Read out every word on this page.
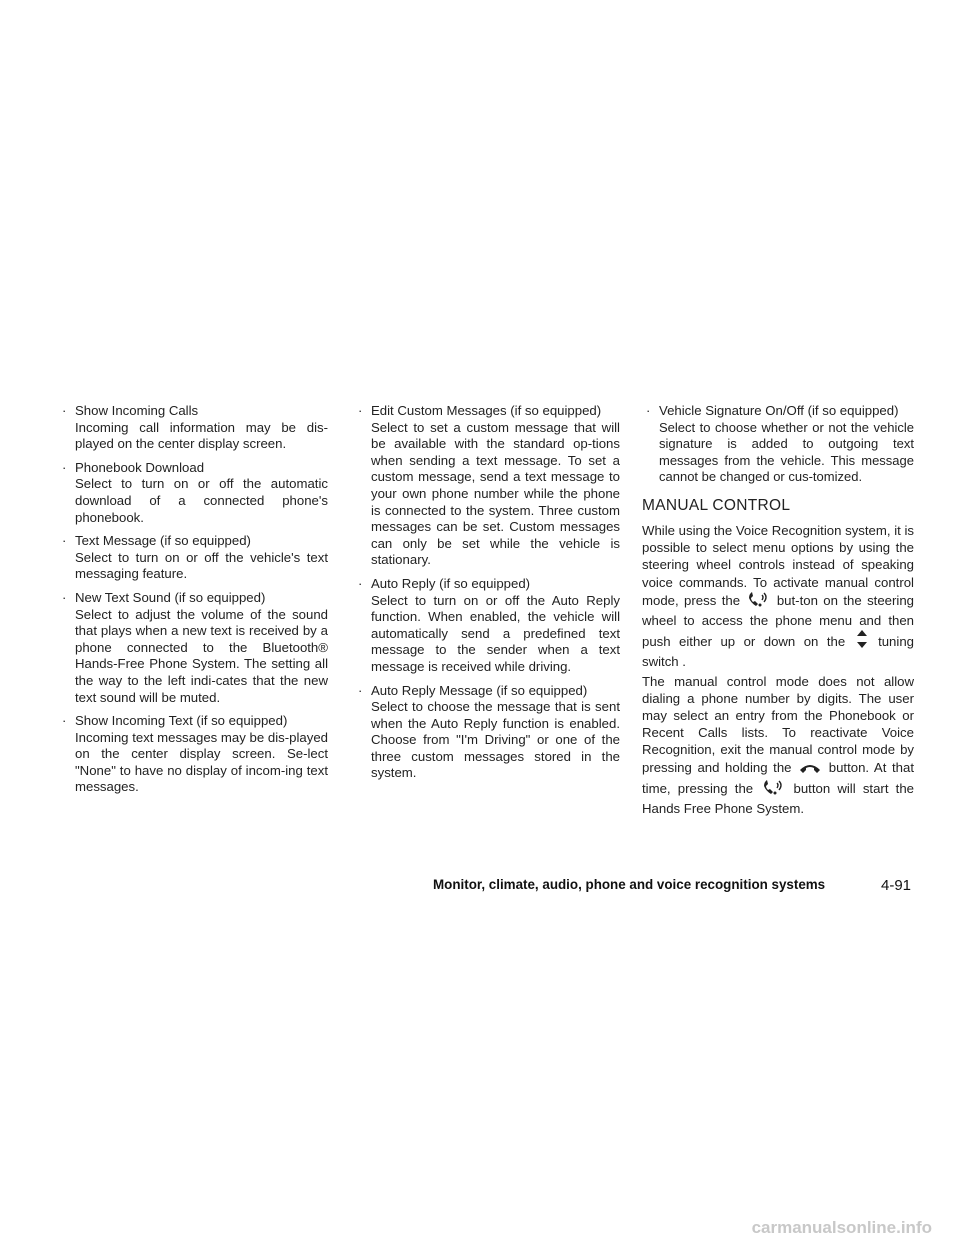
· Show Incoming Calls
Incoming call information may be dis-played on the center display screen.
· Phonebook Download
Select to turn on or off the automatic download of a connected phone's phonebook.
· Text Message (if so equipped)
Select to turn on or off the vehicle's text messaging feature.
· New Text Sound (if so equipped)
Select to adjust the volume of the sound that plays when a new text is received by a phone connected to the Bluetooth® Hands-Free Phone System. The setting all the way to the left indi-cates that the new text sound will be muted.
· Show Incoming Text (if so equipped)
Incoming text messages may be dis-played on the center display screen. Se-lect "None" to have no display of incom-ing text messages.
· Edit Custom Messages (if so equipped)
Select to set a custom message that will be available with the standard op-tions when sending a text message. To set a custom message, send a text message to your own phone number while the phone is connected to the system. Three custom messages can be set. Custom messages can only be set while the vehicle is stationary.
· Auto Reply (if so equipped)
Select to turn on or off the Auto Reply function. When enabled, the vehicle will automatically send a predefined text message to the sender when a text message is received while driving.
· Auto Reply Message (if so equipped)
Select to choose the message that is sent when the Auto Reply function is enabled. Choose from "I'm Driving" or one of the three custom messages stored in the system.
· Vehicle Signature On/Off (if so equipped)
Select to choose whether or not the vehicle signature is added to outgoing text messages from the vehicle. This message cannot be changed or cus-tomized.
MANUAL CONTROL
While using the Voice Recognition system, it is possible to select menu options by using the steering wheel controls instead of speaking voice commands. To activate manual control mode, press the	but-ton on the steering wheel to access the phone menu and then push either up or down on the tuning switch .
The manual control mode does not allow dialing a phone number by digits. The user may select an entry from the Phonebook or Recent Calls lists. To reactivate Voice Recognition, exit the manual control mode by pressing and holding the	button. At that time, pressing the	button will start the Hands Free Phone System.
Monitor, climate, audio, phone and voice recognition systems	4-91
carmanualsonline.info
